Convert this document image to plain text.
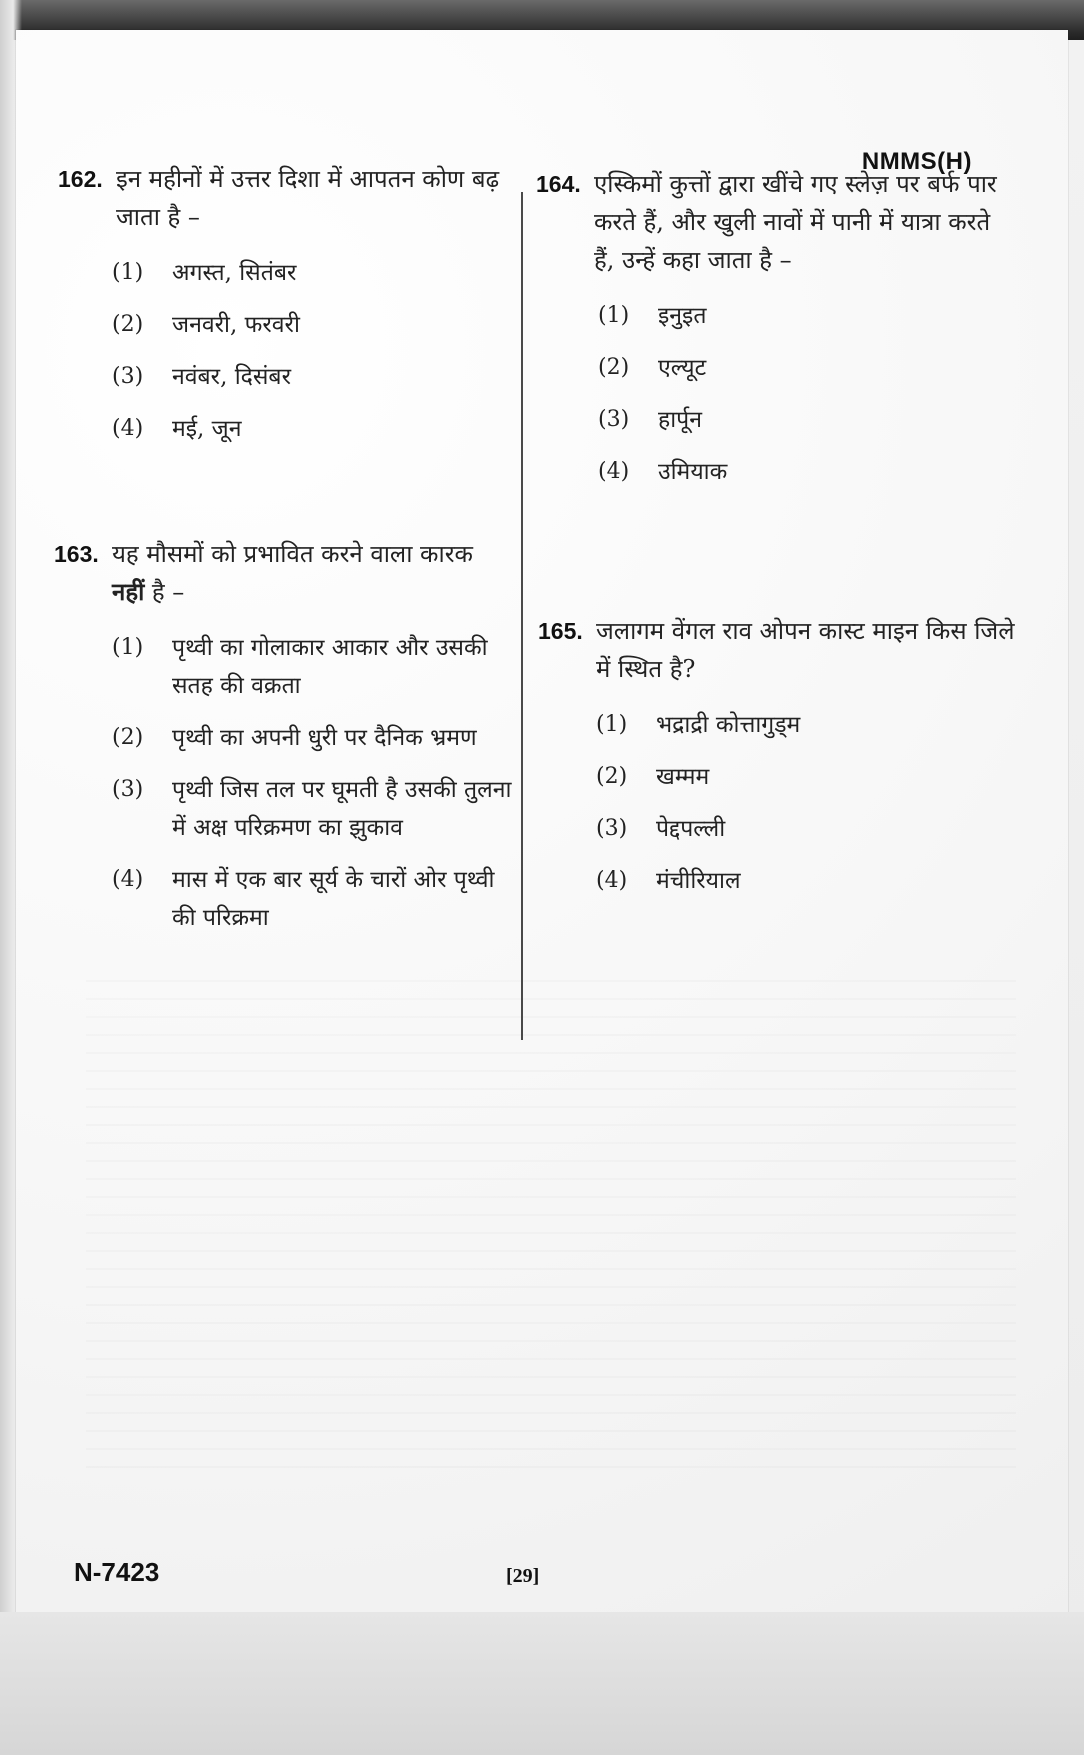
NMMS(H)
162. इन महीनों में उत्तर दिशा में आपतन कोण बढ़ जाता है –
(1)	अगस्त, सितंबर
(2)	जनवरी, फरवरी
(3)	नवंबर, दिसंबर
(4)	मई, जून
163. यह मौसमों को प्रभावित करने वाला कारक नहीं है –
(1)	पृथ्वी का गोलाकार आकार और उसकी सतह की वक्रता
(2)	पृथ्वी का अपनी धुरी पर दैनिक भ्रमण
(3)	पृथ्वी जिस तल पर घूमती है उसकी तुलना में अक्ष परिक्रमण का झुकाव
(4)	मास में एक बार सूर्य के चारों ओर पृथ्वी की परिक्रमा
164. एस्किमों कुत्तों द्वारा खींचे गए स्लेज़ पर बर्फ पार करते हैं, और खुली नावों में पानी में यात्रा करते हैं, उन्हें कहा जाता है –
(1)	इनुइत
(2)	एल्यूट
(3)	हार्पून
(4)	उमियाक
165. जलागम वेंगल राव ओपन कास्ट माइन किस जिले में स्थित है?
(1)	भद्राद्री कोत्तागुड्म
(2)	खम्मम
(3)	पेद्दपल्ली
(4)	मंचीरियाल
N-7423	[29]
